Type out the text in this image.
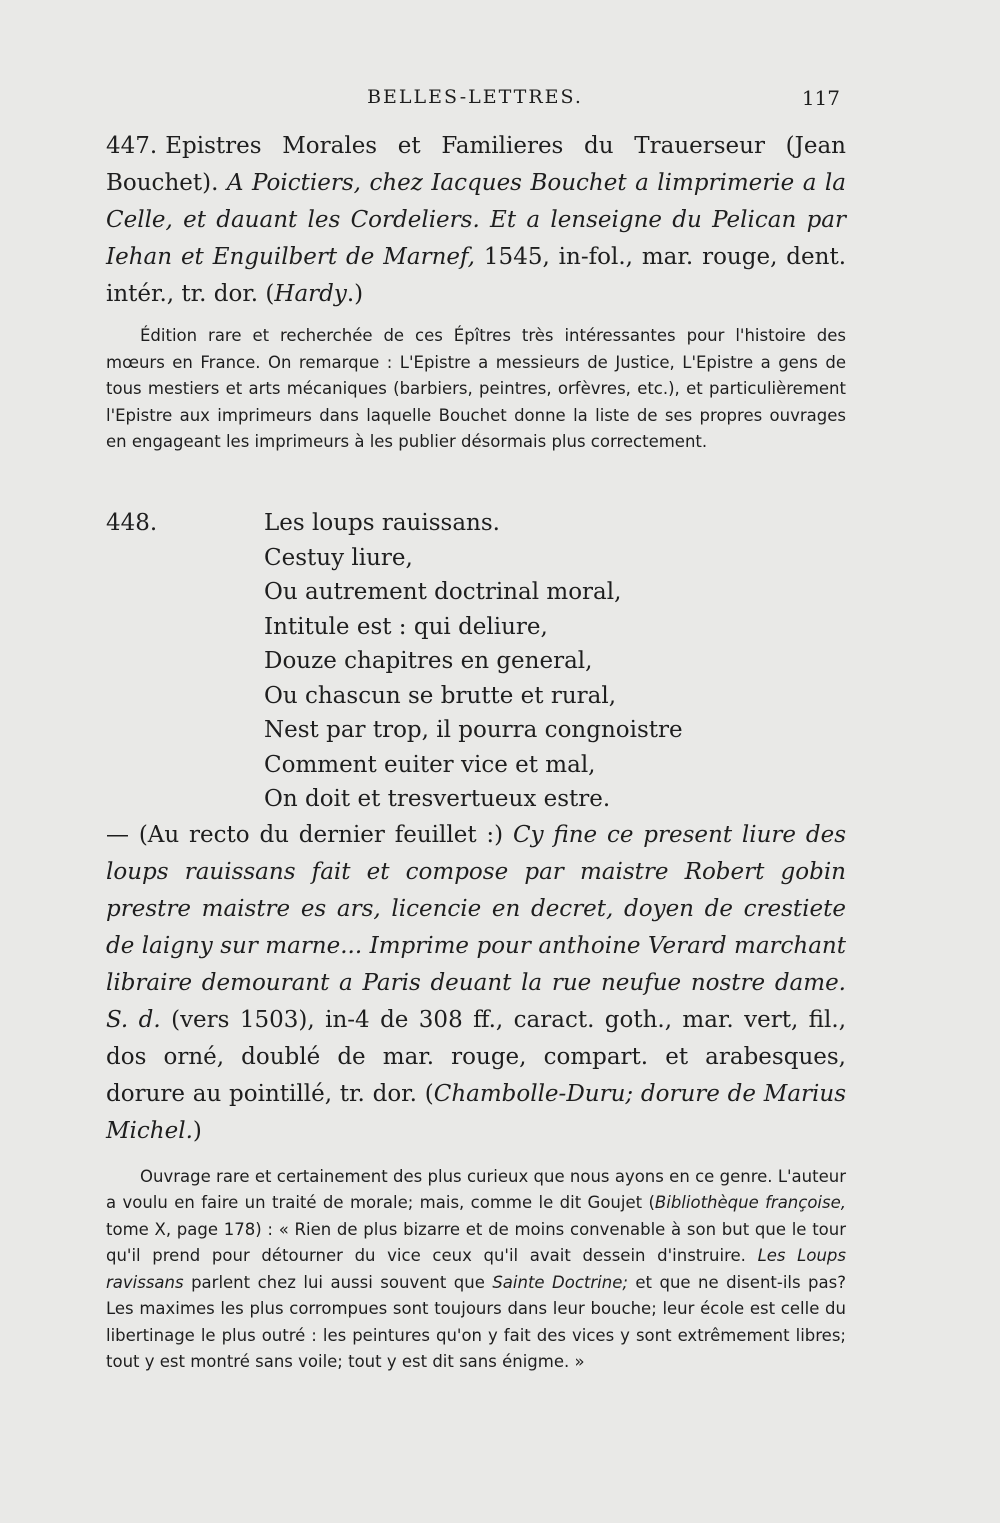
BELLES-LETTRES.	117
447. Epistres Morales et Familieres du Trauerseur (Jean Bouchet). A Poictiers, chez Iacques Bouchet a limprimerie a la Celle, et dauant les Cordeliers. Et a lenseigne du Pelican par Iehan et Enguilbert de Marnef, 1545, in-fol., mar. rouge, dent. intér., tr. dor. (Hardy.)

Édition rare et recherchée de ces Épîtres très intéressantes pour l'histoire des mœurs en France. On remarque : L'Epistre a messieurs de Justice, L'Epistre a gens de tous mestiers et arts mécaniques (barbiers, peintres, orfèvres, etc.), et particulièrement l'Epistre aux imprimeurs dans laquelle Bouchet donne la liste de ses propres ouvrages en engageant les imprimeurs à les publier désormais plus correctement.

448.	Les loups rauissans.
Cestuy liure,
Ou autrement doctrinal moral,
Intitule est : qui deliure,
Douze chapitres en general,
Ou chascun se brutte et rural,
Nest par trop, il pourra congnoistre
Comment euiter vice et mal,
On doit et tresvertueux estre.
— (Au recto du dernier feuillet :) Cy fine ce present liure des loups rauissans fait et compose par maistre Robert gobin prestre maistre es ars, licencie en decret, doyen de crestiete de laigny sur marne... Imprime pour anthoine Verard marchant libraire demourant a Paris deuant la rue neufue nostre dame. S. d. (vers 1503), in-4 de 308 ff., caract. goth., mar. vert, fil., dos orné, doublé de mar. rouge, compart. et arabesques, dorure au pointillé, tr. dor. (Chambolle-Duru; dorure de Marius Michel.)

Ouvrage rare et certainement des plus curieux que nous ayons en ce genre. L'auteur a voulu en faire un traité de morale; mais, comme le dit Goujet (Bibliothèque françoise, tome X, page 178) : « Rien de plus bizarre et de moins convenable à son but que le tour qu'il prend pour détourner du vice ceux qu'il avait dessein d'instruire. Les Loups ravissans parlent chez lui aussi souvent que Sainte Doctrine; et que ne disent-ils pas? Les maximes les plus corrompues sont toujours dans leur bouche; leur école est celle du libertinage le plus outré : les peintures qu'on y fait des vices y sont extrêmement libres; tout y est montré sans voile; tout y est dit sans énigme. »
